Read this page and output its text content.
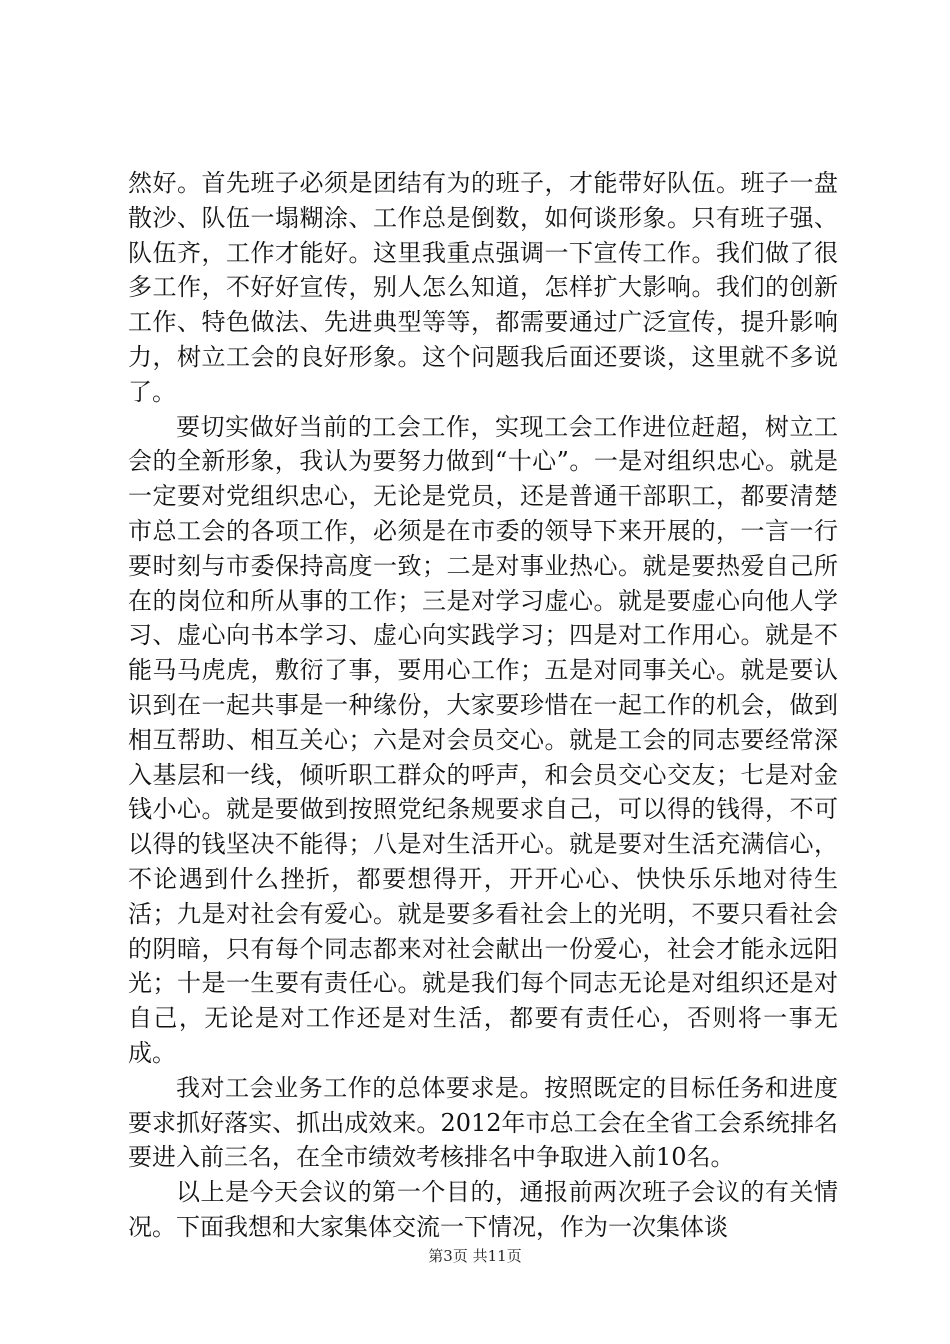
然好。首先班子必须是团结有为的班子，才能带好队伍。班子一盘散沙、队伍一塌糊涂、工作总是倒数，如何谈形象。只有班子强、队伍齐，工作才能好。这里我重点强调一下宣传工作。我们做了很多工作，不好好宣传，别人怎么知道，怎样扩大影响。我们的创新工作、特色做法、先进典型等等，都需要通过广泛宣传，提升影响力，树立工会的良好形象。这个问题我后面还要谈，这里就不多说了。

要切实做好当前的工会工作，实现工会工作进位赶超，树立工会的全新形象，我认为要努力做到“十心”。一是对组织忠心。就是一定要对党组织忠心，无论是党员，还是普通干部职工，都要清楚市总工会的各项工作，必须是在市委的领导下来开展的，一言一行要时刻与市委保持高度一致；二是对事业热心。就是要热爱自己所在的岗位和所从事的工作；三是对学习虚心。就是要虚心向他人学习、虚心向书本学习、虚心向实践学习；四是对工作用心。就是不能马马虎虎，敷衍了事，要用心工作；五是对同事关心。就是要认识到在一起共事是一种缘份，大家要珍惜在一起工作的机会，做到相互帮助、相互关心；六是对会员交心。就是工会的同志要经常深入基层和一线，倾听职工群众的呼声，和会员交心交友；七是对金钱小心。就是要做到按照党纪条规要求自己，可以得的钱得，不可以得的钱坚决不能得；八是对生活开心。就是要对生活充满信心，不论遇到什么挫折，都要想得开，开开心心、快快乐乐地对待生活；九是对社会有爱心。就是要多看社会上的光明，不要只看社会的阴暗，只有每个同志都来对社会献出一份爱心，社会才能永远阳光；十是一生要有责任心。就是我们每个同志无论是对组织还是对自己，无论是对工作还是对生活，都要有责任心，否则将一事无成。

我对工会业务工作的总体要求是。按照既定的目标任务和进度要求抓好落实、抓出成效来。2012年市总工会在全省工会系统排名要进入前三名，在全市绩效考核排名中争取进入前10名。

以上是今天会议的第一个目的，通报前两次班子会议的有关情况。下面我想和大家集体交流一下情况，作为一次集体谈

第3页 共11页
